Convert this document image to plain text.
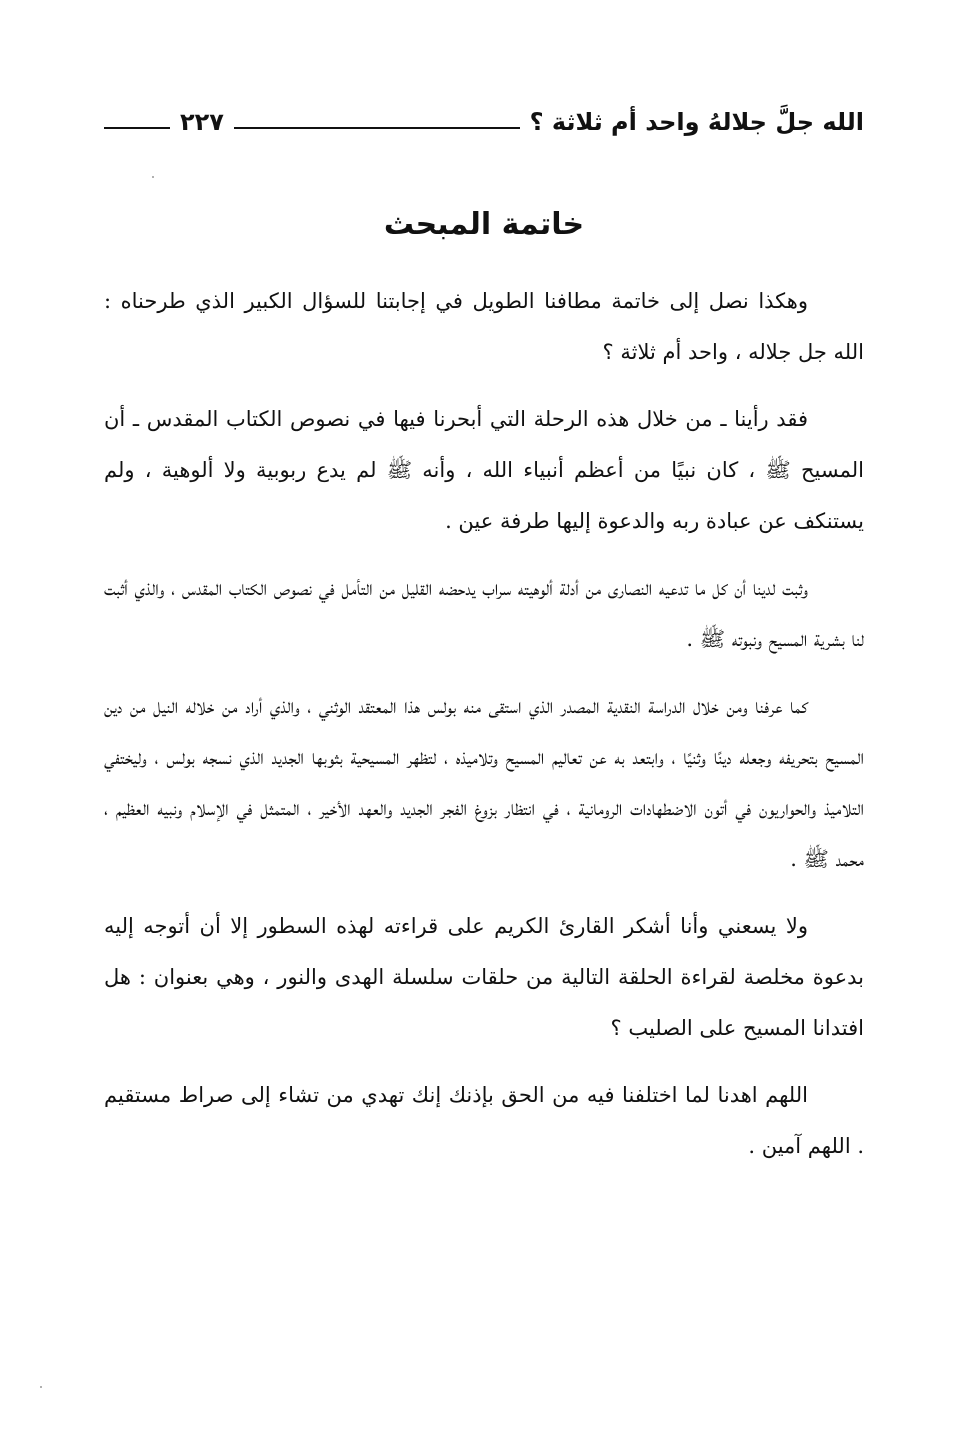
الله جلَّ جلالهُ واحد أم ثلاثة ؟
٢٢٧
خاتمة المبحث

وهكذا نصل إلى خاتمة مطافنا الطويل في إجابتنا للسؤال الكبير الذي طرحناه : الله جل جلاله ، واحد أم ثلاثة ؟

فقد رأينا ـ من خلال هذه الرحلة التي أبحرنا فيها في نصوص الكتاب المقدس ـ أن المسيح ﷺ ، كان نبيًا من أعظم أنبياء الله ، وأنه ﷺ لم يدع ربوبية ولا ألوهية ، ولم يستنكف عن عبادة ربه والدعوة إليها طرفة عين .

وثبت لدينا أن كل ما تدعيه النصارى من أدلة ألوهيته سراب يدحضه القليل من التأمل في نصوص الكتاب المقدس ، والذي أثبت لنا بشرية المسيح ونبوته ﷺ .

كما عرفنا ومن خلال الدراسة النقدية المصدر الذي استقى منه بولس هذا المعتقد الوثني ، والذي أراد من خلاله النيل من دين المسيح بتحريفه وجعله دينًا وثنيًا ، وابتعد به عن تعاليم المسيح وتلاميذه ، لتظهر المسيحية بثوبها الجديد الذي نسجه بولس ، وليختفي التلاميذ والحواريون في أتون الاضطهادات الرومانية ، في انتظار بزوغ الفجر الجديد والعهد الأخير ، المتمثل في الإسلام ونبيه العظيم ، محمد ﷺ .

ولا يسعني وأنا أشكر القارئ الكريم على قراءته لهذه السطور إلا أن أتوجه إليه بدعوة مخلصة لقراءة الحلقة التالية من حلقات سلسلة الهدى والنور ، وهي بعنوان : هل افتدانا المسيح على الصليب ؟

اللهم اهدنا لما اختلفنا فيه من الحق بإذنك إنك تهدي من تشاء إلى صراط مستقيم . اللهم آمين .
